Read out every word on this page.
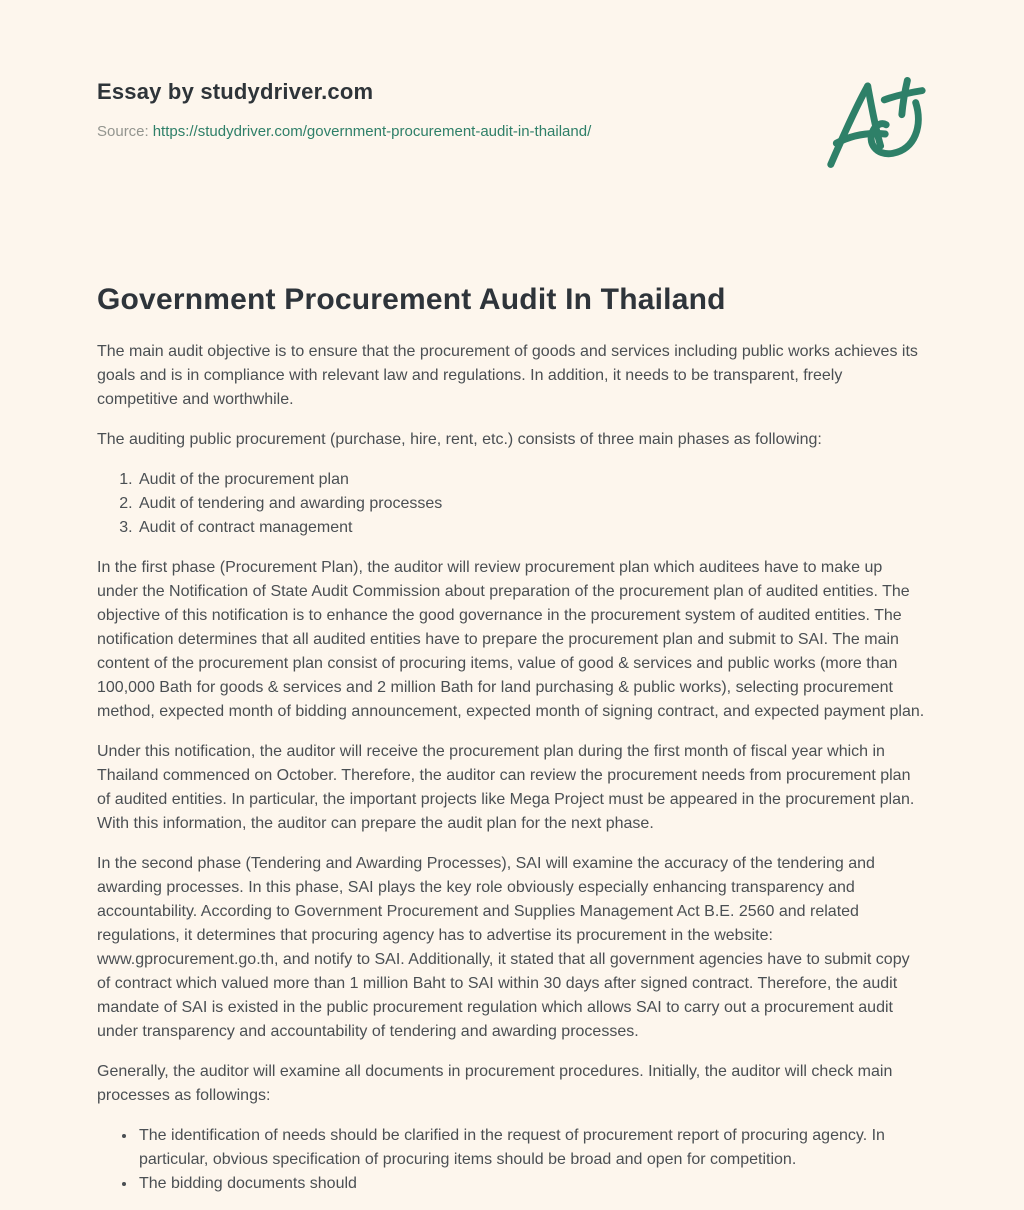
Essay by studydriver.com
Source: https://studydriver.com/government-procurement-audit-in-thailand/
Government Procurement Audit In Thailand

The main audit objective is to ensure that the procurement of goods and services including public works achieves its goals and is in compliance with relevant law and regulations. In addition, it needs to be transparent, freely competitive and worthwhile.

The auditing public procurement (purchase, hire, rent, etc.) consists of three main phases as following:

1. Audit of the procurement plan
2. Audit of tendering and awarding processes
3. Audit of contract management

In the first phase (Procurement Plan), the auditor will review procurement plan which auditees have to make up under the Notification of State Audit Commission about preparation of the procurement plan of audited entities. The objective of this notification is to enhance the good governance in the procurement system of audited entities. The notification determines that all audited entities have to prepare the procurement plan and submit to SAI. The main content of the procurement plan consist of procuring items, value of good & services and public works (more than 100,000 Bath for goods & services and 2 million Bath for land purchasing & public works), selecting procurement method, expected month of bidding announcement, expected month of signing contract, and expected payment plan.

Under this notification, the auditor will receive the procurement plan during the first month of fiscal year which in Thailand commenced on October. Therefore, the auditor can review the procurement needs from procurement plan of audited entities. In particular, the important projects like Mega Project must be appeared in the procurement plan. With this information, the auditor can prepare the audit plan for the next phase.

In the second phase (Tendering and Awarding Processes), SAI will examine the accuracy of the tendering and awarding processes. In this phase, SAI plays the key role obviously especially enhancing transparency and accountability. According to Government Procurement and Supplies Management Act B.E. 2560 and related regulations, it determines that procuring agency has to advertise its procurement in the website: www.gprocurement.go.th, and notify to SAI. Additionally, it stated that all government agencies have to submit copy of contract which valued more than 1 million Baht to SAI within 30 days after signed contract. Therefore, the audit mandate of SAI is existed in the public procurement regulation which allows SAI to carry out a procurement audit under transparency and accountability of tendering and awarding processes.

Generally, the auditor will examine all documents in procurement procedures. Initially, the auditor will check main processes as followings:

• The identification of needs should be clarified in the request of procurement report of procuring agency. In particular, obvious specification of procuring items should be broad and open for competition.
• The bidding documents should
